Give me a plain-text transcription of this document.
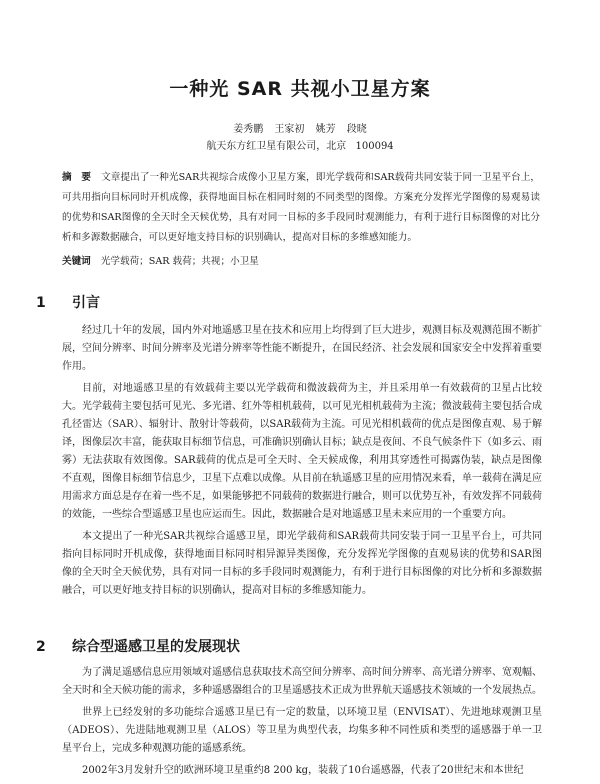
一种光 SAR 共视小卫星方案
姜秀鹏 王家初 姚芳 段晓
航天东方红卫星有限公司，北京 100094
摘　要 文章提出了一种光SAR共视综合成像小卫星方案，即光学载荷和SAR载荷共同安装于同一卫星平台上，可共用指向目标同时开机成像，获得地面目标在相同时刻的不同类型的图像。方案充分发挥光学图像的易观易读的优势和SAR图像的全天时全天候优势，具有对同一目标的多手段同时观测能力，有利于进行目标图像的对比分析和多源数据融合，可以更好地支持目标的识别确认，提高对目标的多维感知能力。
关键词 光学载荷；SAR 载荷；共视；小卫星
1 引言

经过几十年的发展，国内外对地遥感卫星在技术和应用上均得到了巨大进步，观测目标及观测范围不断扩展，空间分辨率、时间分辨率及光谱分辨率等性能不断提升，在国民经济、社会发展和国家安全中发挥着重要作用。

目前，对地遥感卫星的有效载荷主要以光学载荷和微波载荷为主，并且采用单一有效载荷的卫星占比较大。光学载荷主要包括可见光、多光谱、红外等相机载荷，以可见光相机载荷为主流；微波载荷主要包括合成孔径雷达（SAR）、辐射计、散射计等载荷，以SAR载荷为主流。可见光相机载荷的优点是图像直观、易于解译，图像层次丰富，能获取目标细节信息，可准确识别确认目标；缺点是夜间、不良气候条件下（如多云、雨雾）无法获取有效图像。SAR载荷的优点是可全天时、全天候成像，利用其穿透性可揭露伪装，缺点是图像不直观，图像目标细节信息少，卫星下点难以成像。从目前在轨遥感卫星的应用情况来看，单一载荷在满足应用需求方面总是存在着一些不足，如果能够把不同载荷的数据进行融合，则可以优势互补，有效发挥不同载荷的效能，一些综合型遥感卫星也应运而生。因此，数据融合是对地遥感卫星未来应用的一个重要方向。

本文提出了一种光SAR共视综合遥感卫星，即光学载荷和SAR载荷共同安装于同一卫星平台上，可共同指向目标同时开机成像，获得地面目标同时相异源异类图像，充分发挥光学图像的直观易读的优势和SAR图像的全天时全天候优势，具有对同一目标的多手段同时观测能力，有利于进行目标图像的对比分析和多源数据融合，可以更好地支持目标的识别确认，提高对目标的多维感知能力。

2 综合型遥感卫星的发展现状

为了满足遥感信息应用领域对遥感信息获取技术高空间分辨率、高时间分辨率、高光谱分辨率、宽观幅、全天时和全天候功能的需求，多种遥感器组合的卫星遥感技术正成为世界航天遥感技术领域的一个发展热点。

世界上已经发射的多功能综合遥感卫星已有一定的数量，以环境卫星（ENVISAT）、先进地球观测卫星（ADEOS）、先进陆地观测卫星（ALOS）等卫星为典型代表，均集多种不同性质和类型的遥感器于单一卫星平台上，完成多种观测功能的遥感系统。

2002年3月发射升空的欧洲环境卫星重约8 200 kg，装载了10台遥感器，代表了20世纪末和本世纪
